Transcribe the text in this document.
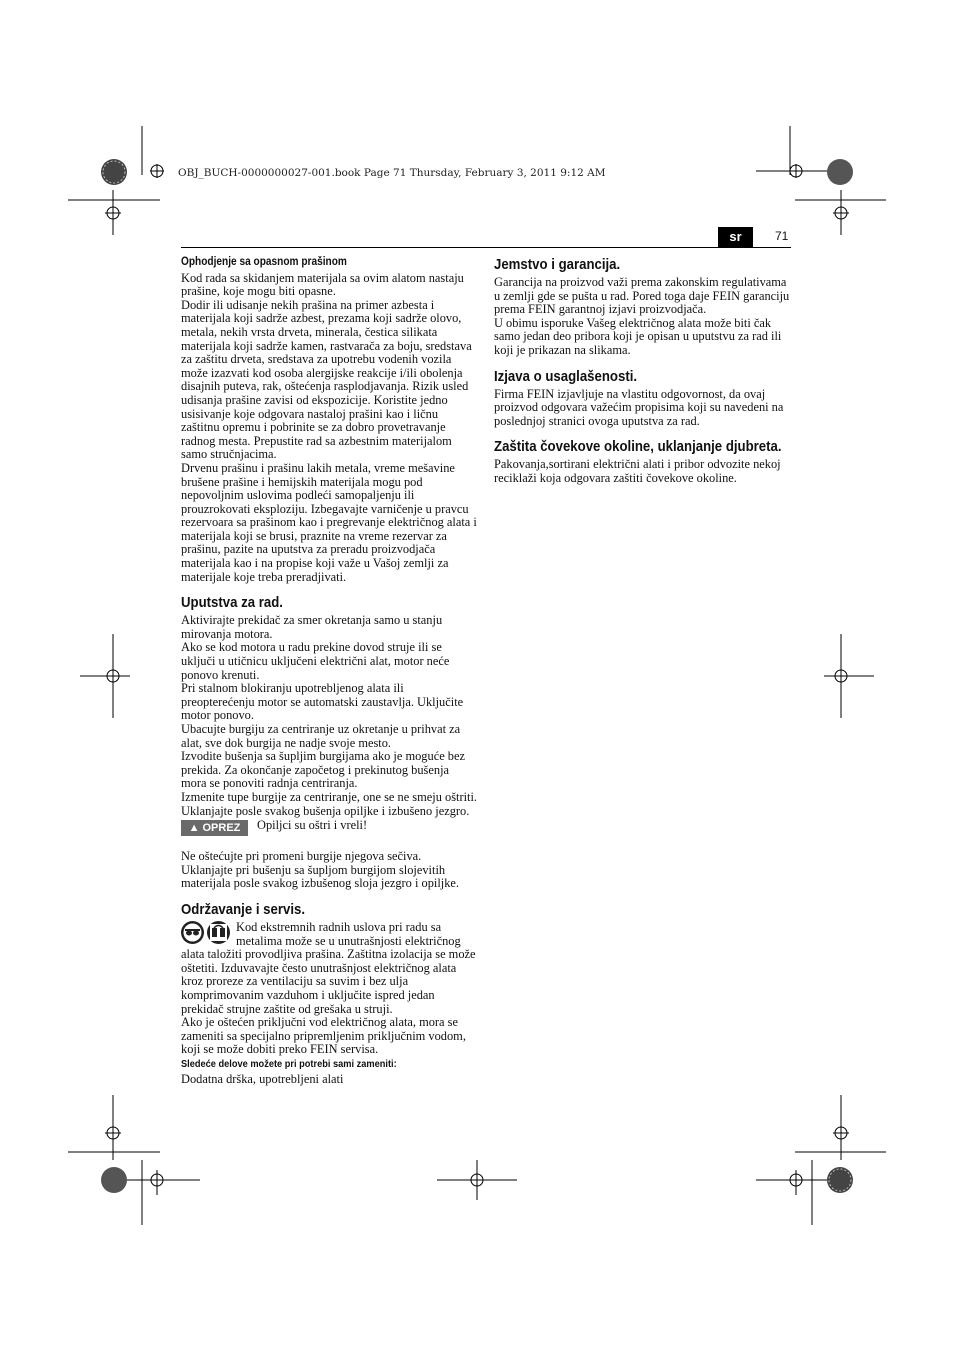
OBJ_BUCH-0000000027-001.book Page 71 Thursday, February 3, 2011 9:12 AM
sr	71
Ophodjenje sa opasnom prašinom

Kod rada sa skidanjem materijala sa ovim alatom nastaju prašine, koje mogu biti opasne.

Dodir ili udisanje nekih prašina na primer azbesta i materijala koji sadrže azbest, prezama koji sadrže olovo, metala, nekih vrsta drveta, minerala, čestica silikata materijala koji sadrže kamen, rastvarača za boju, sredstava za zaštitu drveta, sredstava za upotrebu vodenih vozila može izazvati kod osoba alergijske reakcije i/ili obolenja disajnih puteva, rak, oštećenja rasplodjavanja. Rizik usled udisanja prašine zavisi od ekspozicije. Koristite jedno usisivanje koje odgovara nastaloj prašini kao i ličnu zaštitnu opremu i pobrinite se za dobro provetravanje radnog mesta. Prepustite rad sa azbestnim materijalom samo stručnjacima.

Drvenu prašinu i prašinu lakih metala, vreme mešavine brušene prašine i hemijskih materijala mogu pod nepovoljnim uslovima podleći samopaljenju ili prouzrokovati eksploziju. Izbegavajte varničenje u pravcu rezervoara sa prašinom kao i pregrevanje električnog alata i materijala koji se brusi, praznite na vreme rezervar za prašinu, pazite na uputstva za preradu proizvodjača materijala kao i na propise koji važe u Vašoj zemlji za materijale koje treba preradjivati.

Uputstva za rad.

Aktivirajte prekidač za smer okretanja samo u stanju mirovanja motora.

Ako se kod motora u radu prekine dovod struje ili se uključi u utičnicu uključeni električni alat, motor neće ponovo krenuti.

Pri stalnom blokiranju upotrebljenog alata ili preopterećenju motor se automatski zaustavlja. Uključite motor ponovo.

Ubacujte burgiju za centriranje uz okretanje u prihvat za alat, sve dok burgija ne nadje svoje mesto.

Izvodite bušenja sa šupljim burgijama ako je moguće bez prekida. Za okončanje započetog i prekinutog bušenja mora se ponoviti radnja centriranja.

Izmenite tupe burgije za centriranje, one se ne smeju oštriti.

Uklanjajte posle svakog bušenja opiljke i izbušeno jezgro.

▲ OPREZ Opiljci su oštri i vreli!

Ne oštećujte pri promeni burgije njegova sečiva.

Uklanjajte pri bušenju sa šupljom burgijom slojevitih materijala posle svakog izbušenog sloja jezgro i opiljke.

Održavanje i servis.

Kod ekstremnih radnih uslova pri radu sa metalima može se u unutrašnjosti električnog alata taložiti provodljiva prašina. Zaštitna izolacija se može oštetiti. Izduvavajte često unutrašnjost električnog alata kroz proreze za ventilaciju sa suvim i bez ulja komprimovanim vazduhom i uključite ispred jedan prekidač strujne zaštite od grešaka u struji.

Ako je oštećen priključni vod električnog alata, mora se zameniti sa specijalno pripremljenim priključnim vodom, koji se može dobiti preko FEIN servisa.

Sledeće delove možete pri potrebi sami zameniti:

Dodatna drška, upotrebljeni alati

Jemstvo i garancija.

Garancija na proizvod važi prema zakonskim regulativama u zemlji gde se pušta u rad. Pored toga daje FEIN garanciju prema FEIN garantnoj izjavi proizvodjača.

U obimu isporuke Vašeg električnog alata može biti čak samo jedan deo pribora koji je opisan u uputstvu za rad ili koji je prikazan na slikama.

Izjava o usaglašenosti.

Firma FEIN izjavljuje na vlastitu odgovornost, da ovaj proizvod odgovara važećim propisima koji su navedeni na poslednjoj stranici ovoga uputstva za rad.

Zaštita čovekove okoline, uklanjanje djubreta.

Pakovanja,sortirani električni alati i pribor odvozite nekoj reciklaži koja odgovara zaštiti čovekove okoline.
